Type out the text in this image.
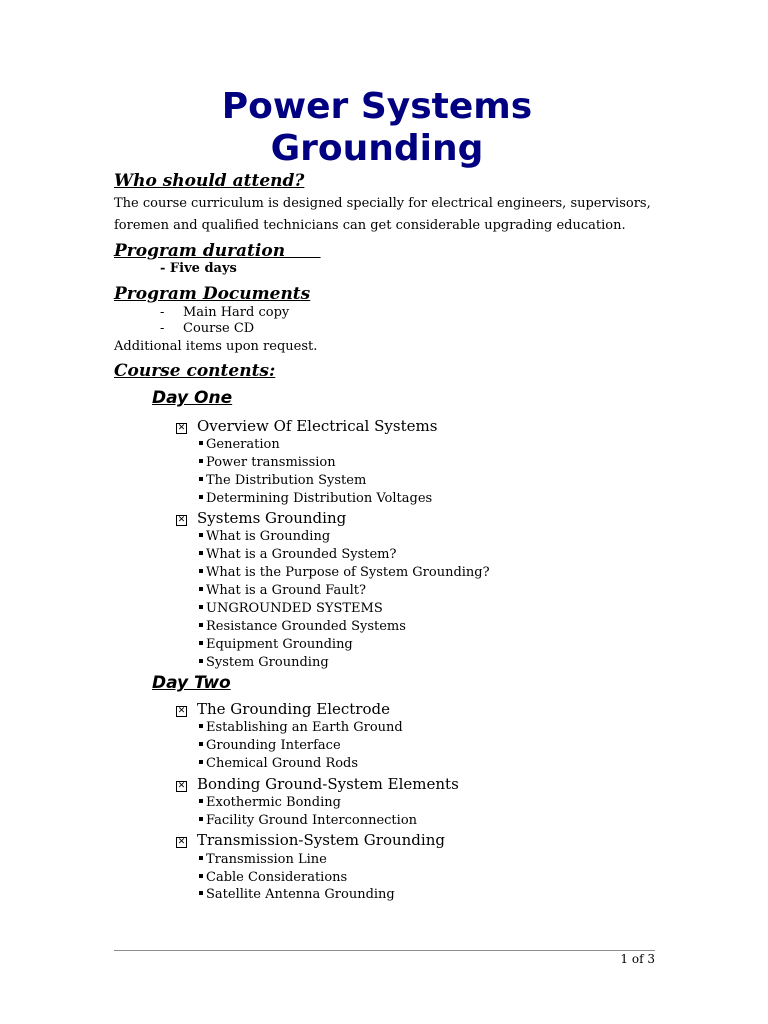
Power Systems Grounding
Who should attend?

The course curriculum is designed specially for electrical engineers, supervisors, foremen and qualified technicians can get considerable upgrading education.

Program duration

- Five days

Program Documents
- Main Hard copy

- Course CD

Additional items upon request.

Course contents:
Day One
✕ Overview Of Electrical Systems
Generation
Power transmission
The Distribution System
Determining Distribution Voltages
✕ Systems Grounding
What is Grounding
What is a Grounded System?
What is the Purpose of System Grounding?
What is a Ground Fault?
UNGROUNDED SYSTEMS
Resistance Grounded Systems
Equipment Grounding
System Grounding
Day Two
✕ The Grounding Electrode
Establishing an Earth Ground
Grounding Interface
Chemical Ground Rods
✕ Bonding Ground-System Elements
Exothermic Bonding
Facility Ground Interconnection
✕ Transmission-System Grounding
Transmission Line
Cable Considerations
Satellite Antenna Grounding
1 of 3
